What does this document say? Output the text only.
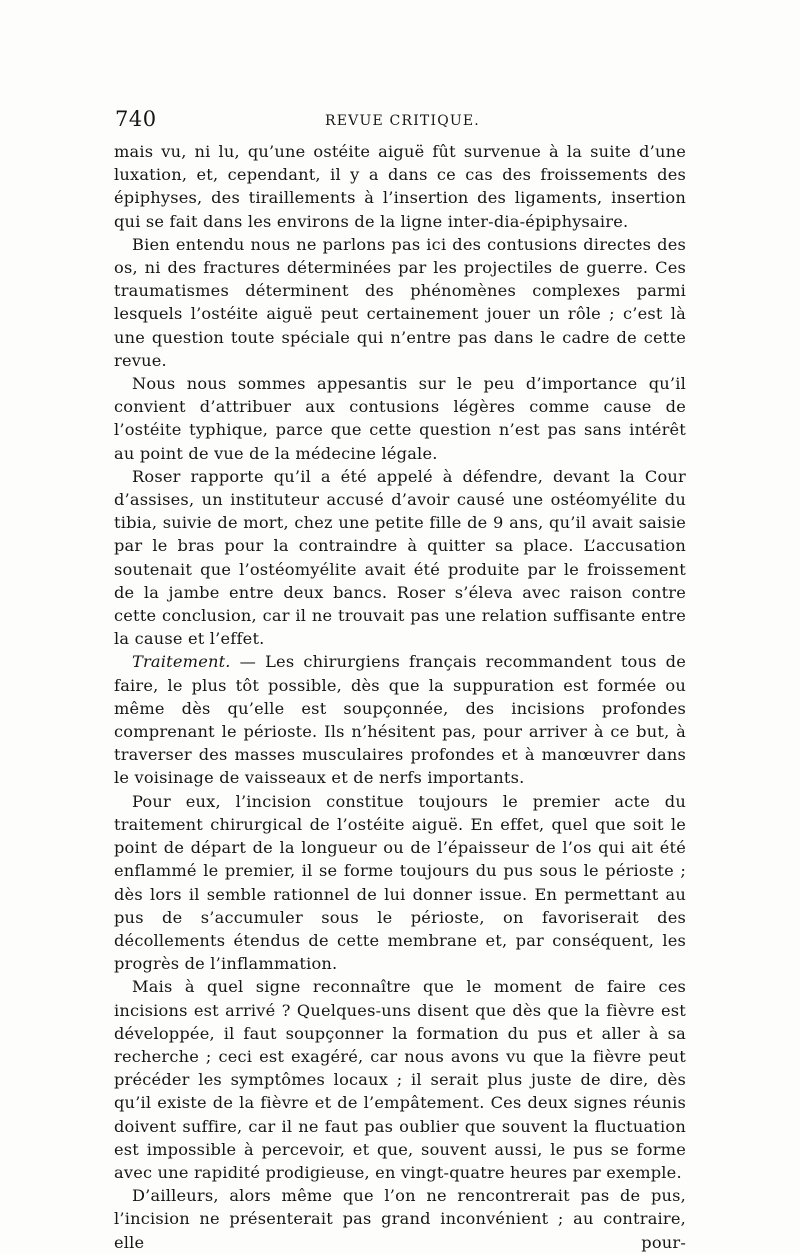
740	REVUE CRITIQUE.

mais vu, ni lu, qu’une ostéite aiguë fût survenue à la suite d’une luxation, et, cependant, il y a dans ce cas des froissements des épiphyses, des tiraillements à l’insertion des ligaments, insertion qui se fait dans les environs de la ligne inter-dia-épiphysaire.

Bien entendu nous ne parlons pas ici des contusions directes des os, ni des fractures déterminées par les projectiles de guerre. Ces traumatismes déterminent des phénomènes complexes parmi lesquels l’ostéite aiguë peut certainement jouer un rôle ; c’est là une question toute spéciale qui n’entre pas dans le cadre de cette revue.

Nous nous sommes appesantis sur le peu d’importance qu’il convient d’attribuer aux contusions légères comme cause de l’ostéite typhique, parce que cette question n’est pas sans intérêt au point de vue de la médecine légale.

Roser rapporte qu’il a été appelé à défendre, devant la Cour d’assises, un instituteur accusé d’avoir causé une ostéomyélite du tibia, suivie de mort, chez une petite fille de 9 ans, qu’il avait saisie par le bras pour la contraindre à quitter sa place. L’accusation soutenait que l’ostéomyélite avait été produite par le froissement de la jambe entre deux bancs. Roser s’éleva avec raison contre cette conclusion, car il ne trouvait pas une relation suffisante entre la cause et l’effet.

Traitement. — Les chirurgiens français recommandent tous de faire, le plus tôt possible, dès que la suppuration est formée ou même dès qu’elle est soupçonnée, des incisions profondes comprenant le périoste. Ils n’hésitent pas, pour arriver à ce but, à traverser des masses musculaires profondes et à manœuvrer dans le voisinage de vaisseaux et de nerfs importants.

Pour eux, l’incision constitue toujours le premier acte du traitement chirurgical de l’ostéite aiguë. En effet, quel que soit le point de départ de la longueur ou de l’épaisseur de l’os qui ait été enflammé le premier, il se forme toujours du pus sous le périoste ; dès lors il semble rationnel de lui donner issue. En permettant au pus de s’accumuler sous le périoste, on favoriserait des décollements étendus de cette membrane et, par conséquent, les progrès de l’inflammation.

Mais à quel signe reconnaître que le moment de faire ces incisions est arrivé ? Quelques-uns disent que dès que la fièvre est développée, il faut soupçonner la formation du pus et aller à sa recherche ; ceci est exagéré, car nous avons vu que la fièvre peut précéder les symptômes locaux ; il serait plus juste de dire, dès qu’il existe de la fièvre et de l’empâtement. Ces deux signes réunis doivent suffire, car il ne faut pas oublier que souvent la fluctuation est impossible à percevoir, et que, souvent aussi, le pus se forme avec une rapidité prodigieuse, en vingt-quatre heures par exemple.

D’ailleurs, alors même que l’on ne rencontrerait pas de pus, l’incision ne présenterait pas grand inconvénient ; au contraire, elle pour-
